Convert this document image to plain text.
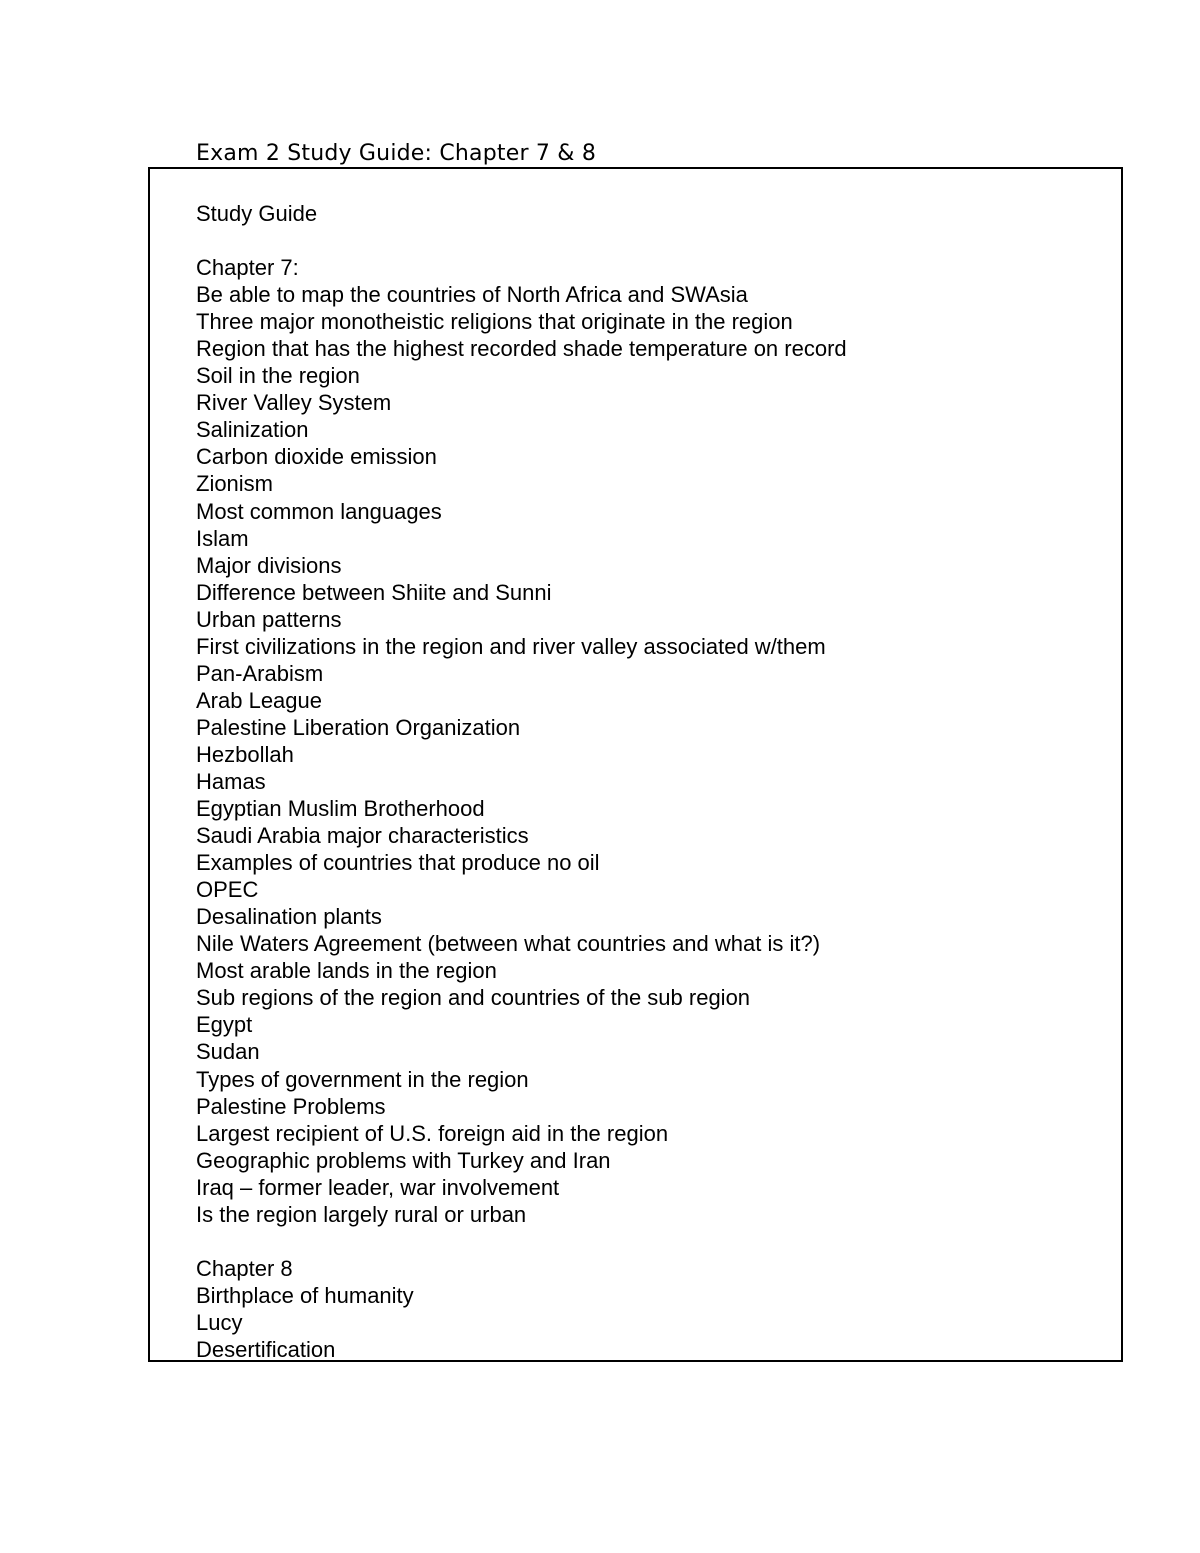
Exam 2 Study Guide: Chapter 7 & 8
Study Guide
Chapter 7:
Be able to map the countries of North Africa and SWAsia
Three major monotheistic religions that originate in the region
Region that has the highest recorded shade temperature on record
Soil in the region
River Valley System
Salinization
Carbon dioxide emission
Zionism
Most common languages
Islam
Major divisions
Difference between Shiite and Sunni
Urban patterns
First civilizations in the region and river valley associated w/them
Pan-Arabism
Arab League
Palestine Liberation Organization
Hezbollah
Hamas
Egyptian Muslim Brotherhood
Saudi Arabia major characteristics
Examples of countries that produce no oil
OPEC
Desalination plants
Nile Waters Agreement (between what countries and what is it?)
Most arable lands in the region
Sub regions of the region and countries of the sub region
Egypt
Sudan
Types of government in the region
Palestine Problems
Largest recipient of U.S. foreign aid in the region
Geographic problems with Turkey and Iran
Iraq – former leader, war involvement
Is the region largely rural or urban
Chapter 8
Birthplace of humanity
Lucy
Desertification
